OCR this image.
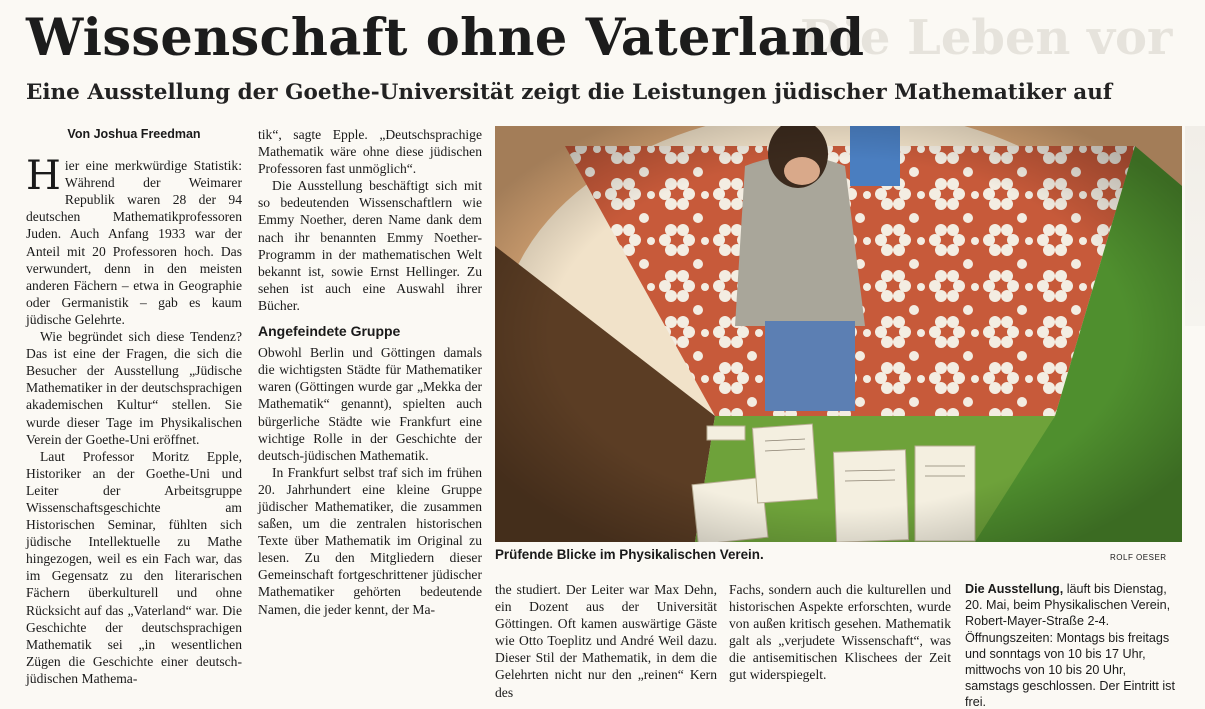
Die Leben vor
Wissenschaft ohne Vaterland
Eine Ausstellung der Goethe-Universität zeigt die Leistungen jüdischer Mathematiker auf
Von Joshua Freedman

Hier eine merkwürdige Statistik: Während der Weimarer Republik waren 28 der 94 deutschen Mathematikprofessoren Juden. Auch Anfang 1933 war der Anteil mit 20 Professoren hoch. Das verwundert, denn in den meisten anderen Fächern – etwa in Geographie oder Germanistik – gab es kaum jüdische Gelehrte.

Wie begründet sich diese Tendenz? Das ist eine der Fragen, die sich die Besucher der Ausstellung „Jüdische Mathematiker in der deutschsprachigen akademischen Kultur“ stellen. Sie wurde dieser Tage im Physikalischen Verein der Goethe-Uni eröffnet.

Laut Professor Moritz Epple, Historiker an der Goethe-Uni und Leiter der Arbeitsgruppe Wissenschaftsgeschichte am Historischen Seminar, fühlten sich jüdische Intellektuelle zu Mathe hingezogen, weil es ein Fach war, das im Gegensatz zu den literarischen Fächern überkulturell und ohne Rücksicht auf das „Vaterland“ war. Die Geschichte der deutschsprachigen Mathematik sei „in wesentlichen Zügen die Geschichte einer deutsch-jüdischen Mathema-

tik“, sagte Epple. „Deutschsprachige Mathematik wäre ohne diese jüdischen Professoren fast unmöglich“.

Die Ausstellung beschäftigt sich mit so bedeutenden Wissenschaftlern wie Emmy Noether, deren Name dank dem nach ihr benannten Emmy Noether-Programm in der mathematischen Welt bekannt ist, sowie Ernst Hellinger. Zu sehen ist auch eine Auswahl ihrer Bücher.

Angefeindete Gruppe

Obwohl Berlin und Göttingen damals die wichtigsten Städte für Mathematiker waren (Göttingen wurde gar „Mekka der Mathematik“ genannt), spielten auch bürgerliche Städte wie Frankfurt eine wichtige Rolle in der Geschichte der deutsch-jüdischen Mathematik.

In Frankfurt selbst traf sich im frühen 20. Jahrhundert eine kleine Gruppe jüdischer Mathematiker, die zusammen saßen, um die zentralen historischen Texte über Mathematik im Original zu lesen. Zu den Mitgliedern dieser Gemeinschaft fortgeschrittener jüdischer Mathematiker gehörten bedeutende Namen, die jeder kennt, der Ma-

Prüfende Blicke im Physikalischen Verein.	ROLF OESER

the studiert. Der Leiter war Max Dehn, ein Dozent aus der Universität Göttingen. Oft kamen auswärtige Gäste wie Otto Toeplitz und André Weil dazu. Dieser Stil der Mathematik, in dem die Gelehrten nicht nur den „reinen“ Kern des

Fachs, sondern auch die kulturellen und historischen Aspekte erforschten, wurde von außen kritisch gesehen. Mathematik galt als „verjudete Wissenschaft“, was die antisemitischen Klischees der Zeit gut widerspiegelt.

Die Ausstellung, läuft bis Dienstag, 20. Mai, beim Physikalischen Verein, Robert-Mayer-Straße 2-4. Öffnungszeiten: Montags bis freitags und sonntags von 10 bis 17 Uhr, mittwochs von 10 bis 20 Uhr, samstags geschlossen. Der Eintritt ist frei.
